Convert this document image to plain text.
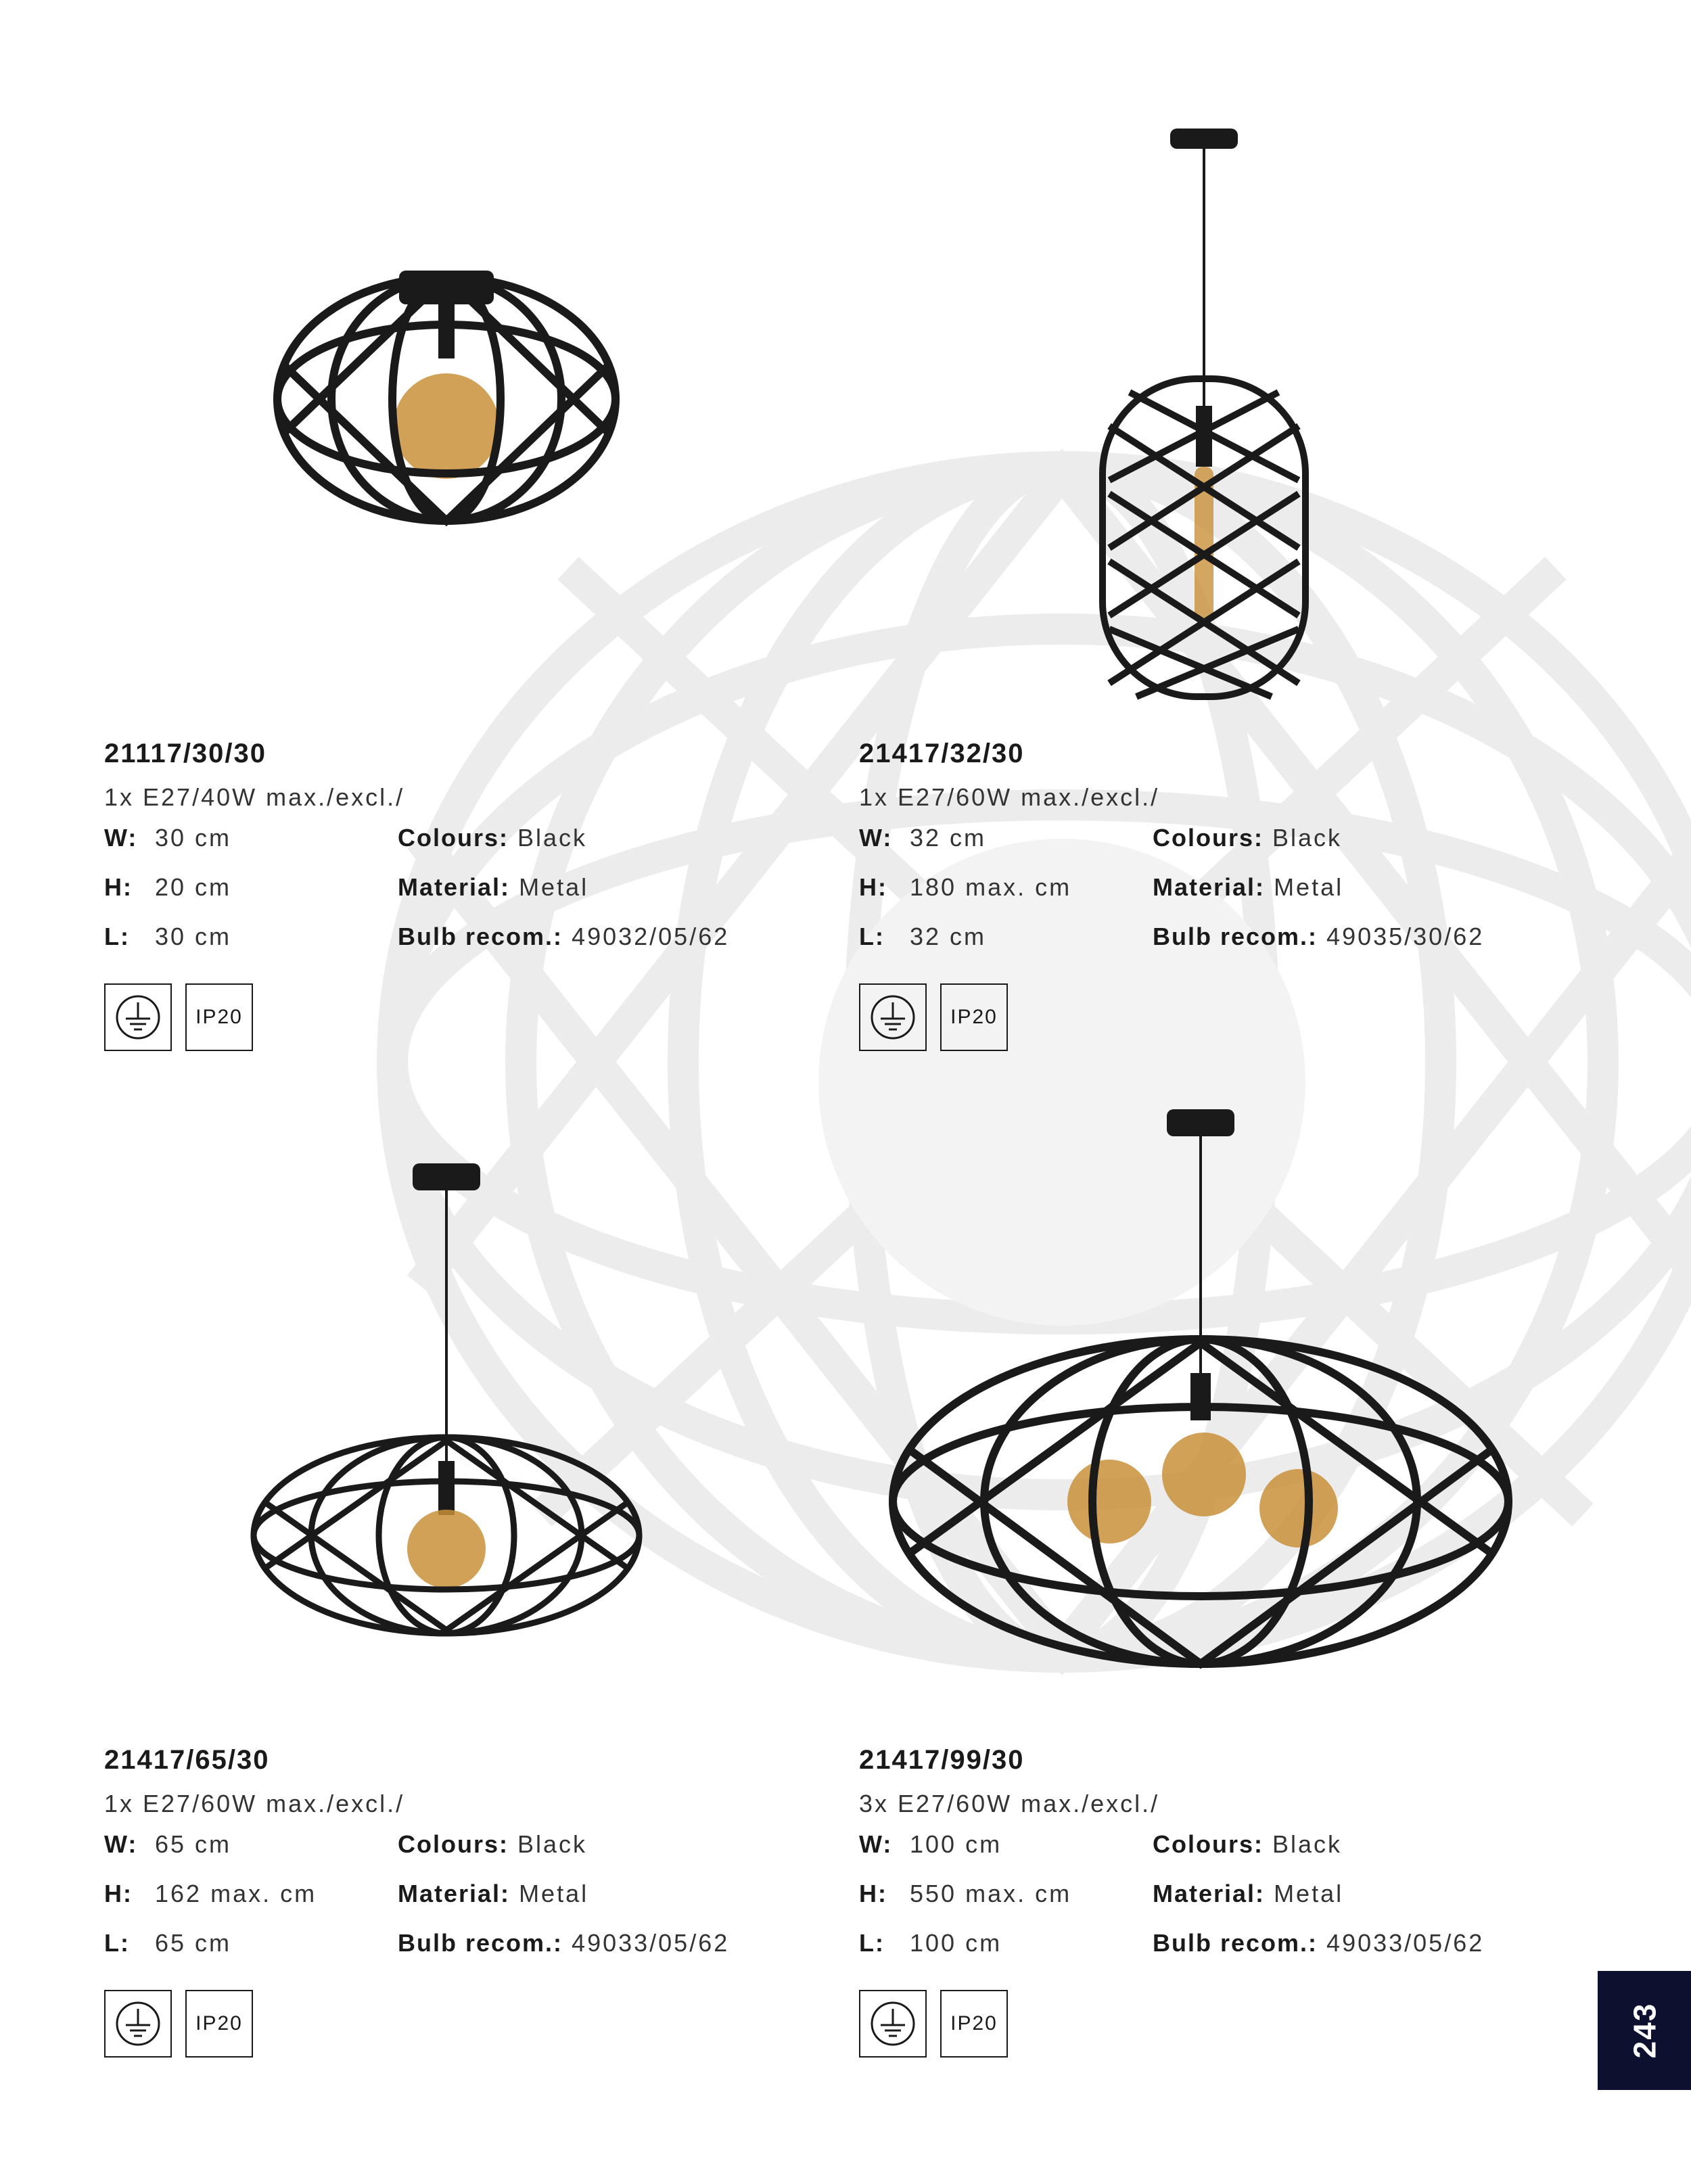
21117/30/30
1x E27/40W max./excl./
W: 30 cm
H: 20 cm
L: 30 cm
Colours: Black
Material: Metal
Bulb recom.: 49032/05/62
IP20
21417/32/30
1x E27/60W max./excl./
W: 32 cm
H: 180 max. cm
L: 32 cm
Colours: Black
Material: Metal
Bulb recom.: 49035/30/62
IP20
21417/65/30
1x E27/60W max./excl./
W: 65 cm
H: 162 max. cm
L: 65 cm
Colours: Black
Material: Metal
Bulb recom.: 49033/05/62
IP20
21417/99/30
3x E27/60W max./excl./
W: 100 cm
H: 550 max. cm
L: 100 cm
Colours: Black
Material: Metal
Bulb recom.: 49033/05/62
IP20	243
